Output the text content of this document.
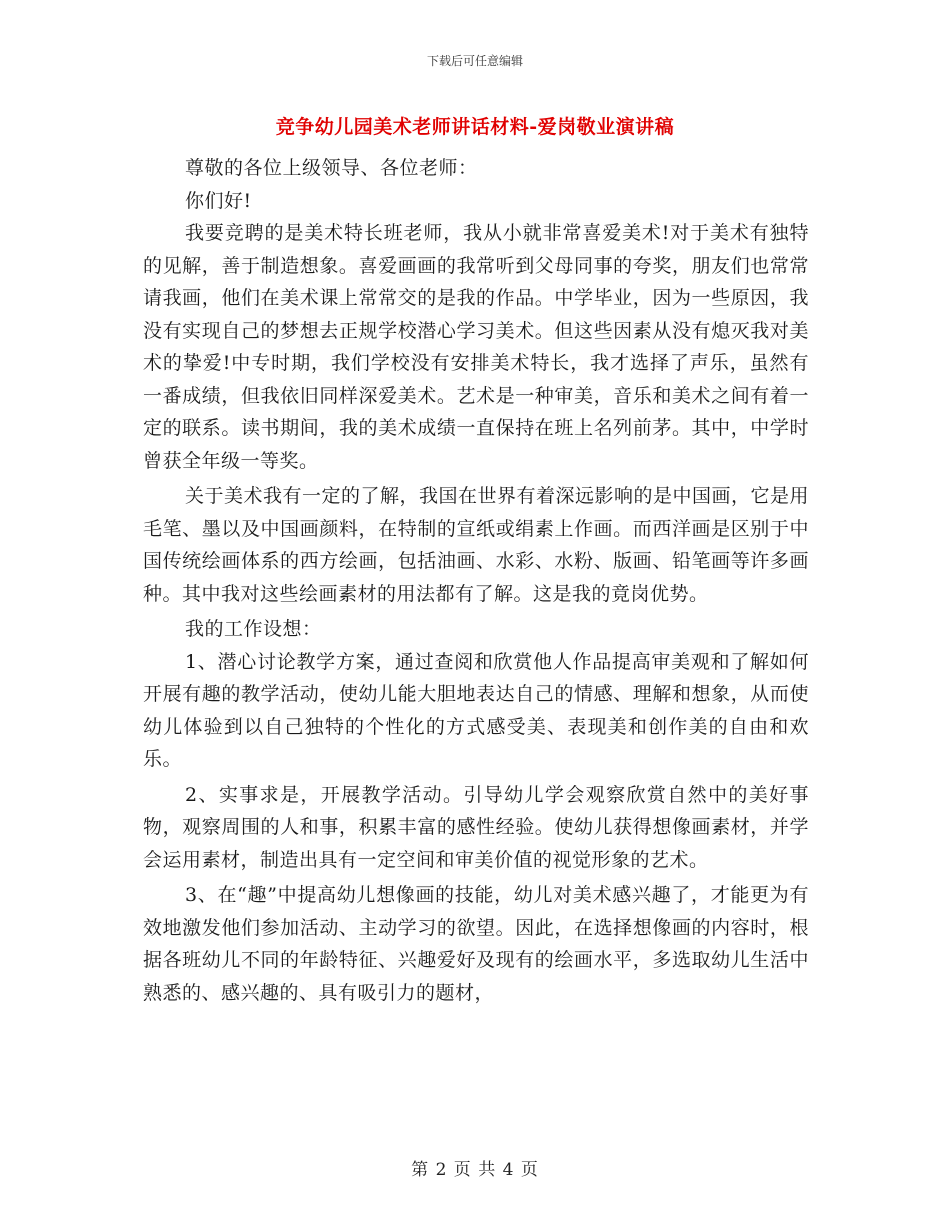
下载后可任意编辑
竞争幼儿园美术老师讲话材料-爱岗敬业演讲稿

尊敬的各位上级领导、各位老师：

你们好!

我要竞聘的是美术特长班老师，我从小就非常喜爱美术!对于美术有独特的见解，善于制造想象。喜爱画画的我常听到父母同事的夸奖，朋友们也常常请我画，他们在美术课上常常交的是我的作品。中学毕业，因为一些原因，我没有实现自己的梦想去正规学校潜心学习美术。但这些因素从没有熄灭我对美术的挚爱!中专时期，我们学校没有安排美术特长，我才选择了声乐，虽然有一番成绩，但我依旧同样深爱美术。艺术是一种审美，音乐和美术之间有着一定的联系。读书期间，我的美术成绩一直保持在班上名列前茅。其中，中学时曾获全年级一等奖。

关于美术我有一定的了解，我国在世界有着深远影响的是中国画，它是用毛笔、墨以及中国画颜料，在特制的宣纸或绢素上作画。而西洋画是区别于中国传统绘画体系的西方绘画，包括油画、水彩、水粉、版画、铅笔画等许多画种。其中我对这些绘画素材的用法都有了解。这是我的竟岗优势。

我的工作设想：

1、潜心讨论教学方案，通过查阅和欣赏他人作品提高审美观和了解如何开展有趣的教学活动，使幼儿能大胆地表达自己的情感、理解和想象，从而使幼儿体验到以自己独特的个性化的方式感受美、表现美和创作美的自由和欢乐。

2、实事求是，开展教学活动。引导幼儿学会观察欣赏自然中的美好事物，观察周围的人和事，积累丰富的感性经验。使幼儿获得想像画素材，并学会运用素材，制造出具有一定空间和审美价值的视觉形象的艺术。

3、在“趣”中提高幼儿想像画的技能，幼儿对美术感兴趣了，才能更为有效地激发他们参加活动、主动学习的欲望。因此，在选择想像画的内容时，根据各班幼儿不同的年龄特征、兴趣爱好及现有的绘画水平，多选取幼儿生活中熟悉的、感兴趣的、具有吸引力的题材，

第 2 页 共 4 页
